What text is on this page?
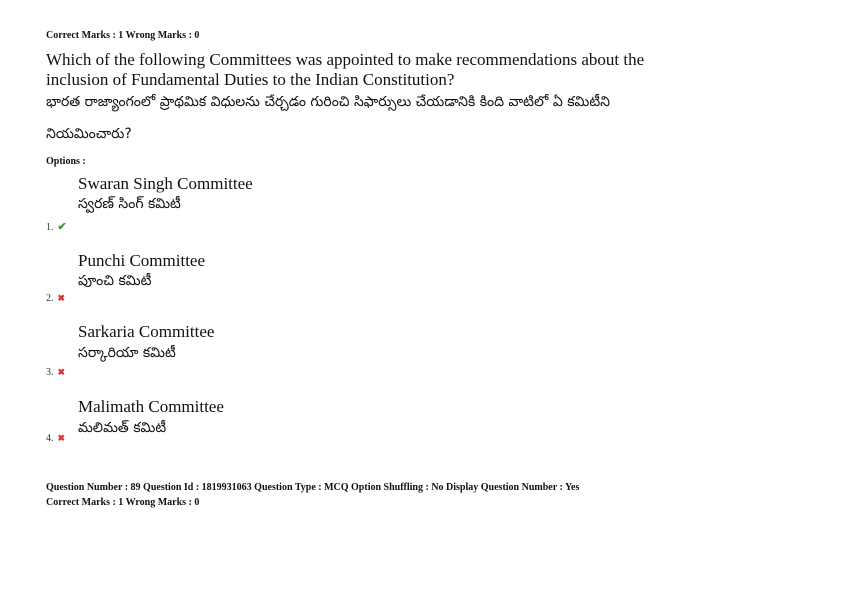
Correct Marks : 1 Wrong Marks : 0
Which of the following Committees was appointed to make recommendations about the
inclusion of Fundamental Duties to the Indian Constitution?
భారత రాజ్యాంగంలో ప్రాథమిక విధులను చేర్చడం గురించి సిఫార్సులు చేయడానికి కింది వాటిలో ఏ కమిటీని
నియమించారు?
Options :
Swaran Singh Committee
స్వరణ్ సింగ్ కమిటీ
1. ✔
Punchi Committee
పూంచి కమిటీ
2. ✖
Sarkaria Committee
సర్కారియా కమిటీ
3. ✖
Malimath Committee
మలిమత్ కమిటీ
4. ✖
Question Number : 89 Question Id : 1819931063 Question Type : MCQ Option Shuffling : No Display Question Number : Yes
Correct Marks : 1 Wrong Marks : 0
